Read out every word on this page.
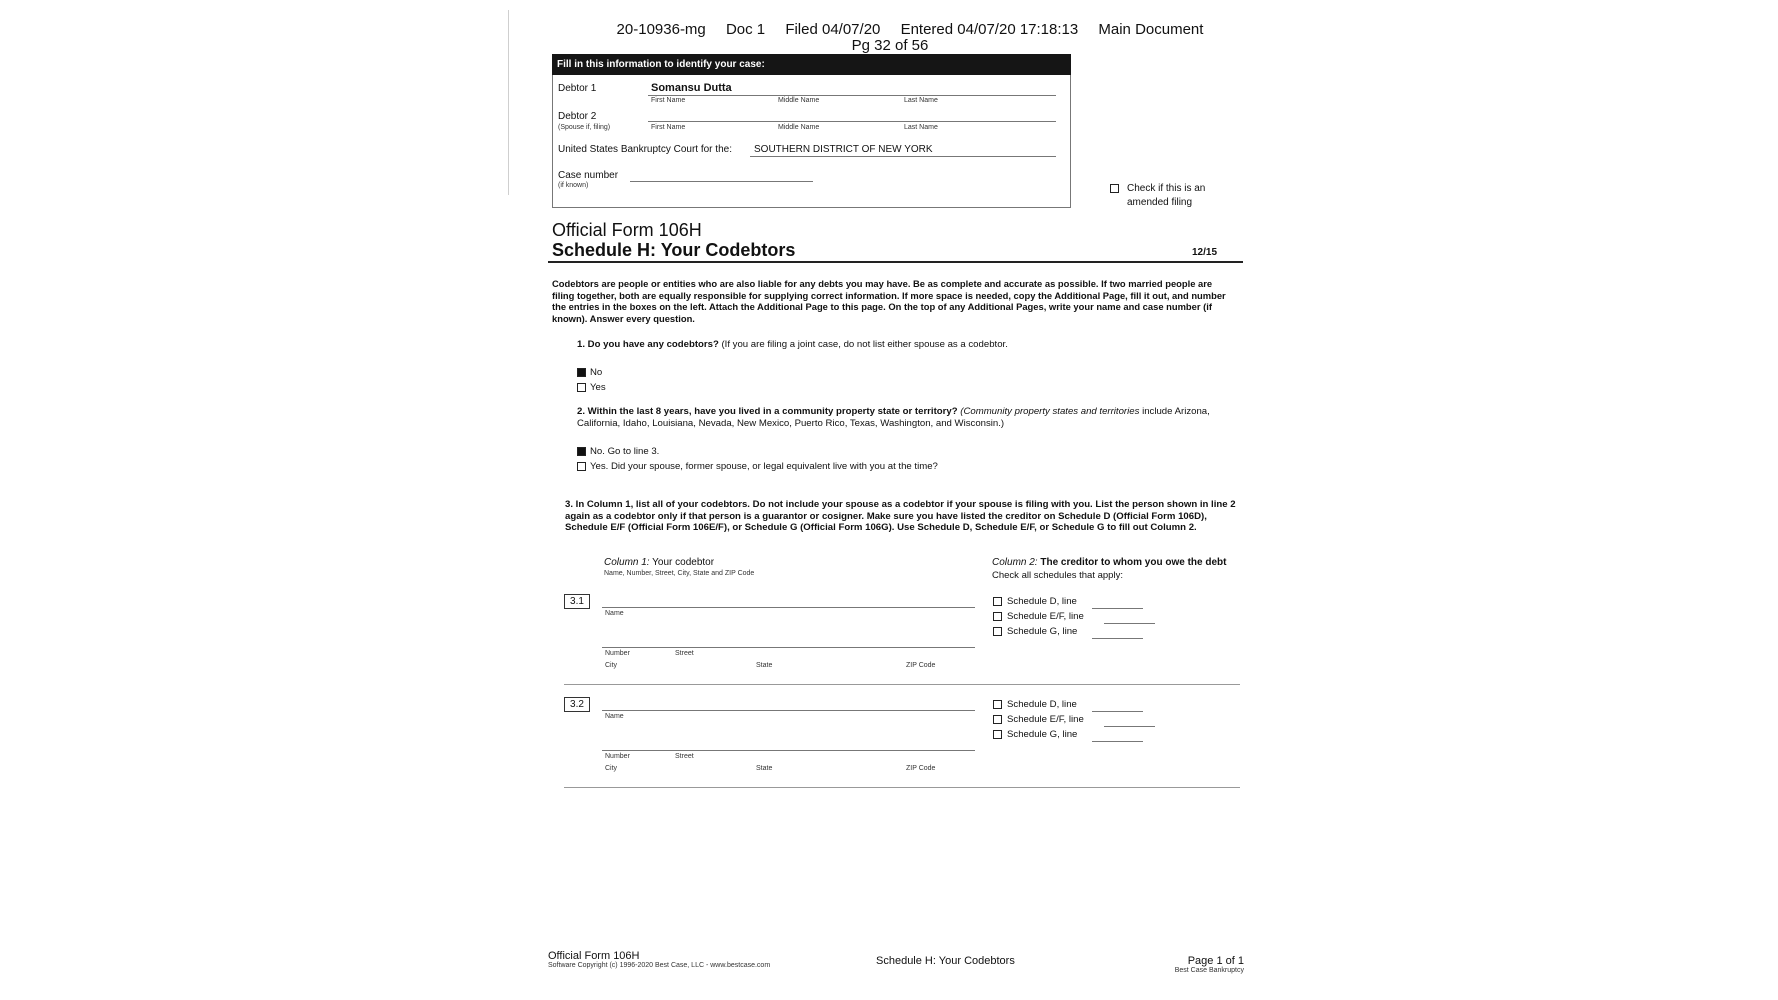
20-10936-mg Doc 1 Filed 04/07/20 Entered 04/07/20 17:18:13 Main Document
Pg 32 of 56
Fill in this information to identify your case:
Debtor 1	Somansu Dutta
First Name	Middle Name	Last Name
Debtor 2
(Spouse if, filing)	First Name	Middle Name	Last Name
United States Bankruptcy Court for the: SOUTHERN DISTRICT OF NEW YORK
Case number
(if known)	Check if this is an
amended filing
Official Form 106H
Schedule H: Your Codebtors	12/15
Codebtors are people or entities who are also liable for any debts you may have. Be as complete and accurate as possible. If two married people are filing together, both are equally responsible for supplying correct information. If more space is needed, copy the Additional Page, fill it out, and number the entries in the boxes on the left. Attach the Additional Page to this page. On the top of any Additional Pages, write your name and case number (if known). Answer every question.
1. Do you have any codebtors? (If you are filing a joint case, do not list either spouse as a codebtor.
No
Yes
2. Within the last 8 years, have you lived in a community property state or territory? (Community property states and territories include Arizona, California, Idaho, Louisiana, Nevada, New Mexico, Puerto Rico, Texas, Washington, and Wisconsin.)
No. Go to line 3.
Yes. Did your spouse, former spouse, or legal equivalent live with you at the time?
3. In Column 1, list all of your codebtors. Do not include your spouse as a codebtor if your spouse is filing with you. List the person shown in line 2 again as a codebtor only if that person is a guarantor or cosigner. Make sure you have listed the creditor on Schedule D (Official Form 106D), Schedule E/F (Official Form 106E/F), or Schedule G (Official Form 106G). Use Schedule D, Schedule E/F, or Schedule G to fill out Column 2.
Column 1: Your codebtor
Name, Number, Street, City, State and ZIP Code
Column 2: The creditor to whom you owe the debt
Check all schedules that apply:
3.1
Name
Number	Street
City	State	ZIP Code
Schedule D, line
Schedule E/F, line
Schedule G, line
3.2
Name
Number	Street
City	State	ZIP Code
Schedule D, line
Schedule E/F, line
Schedule G, line
Official Form 106H
Software Copyright (c) 1996-2020 Best Case, LLC - www.bestcase.com	Schedule H: Your Codebtors	Page 1 of 1
Best Case Bankruptcy
